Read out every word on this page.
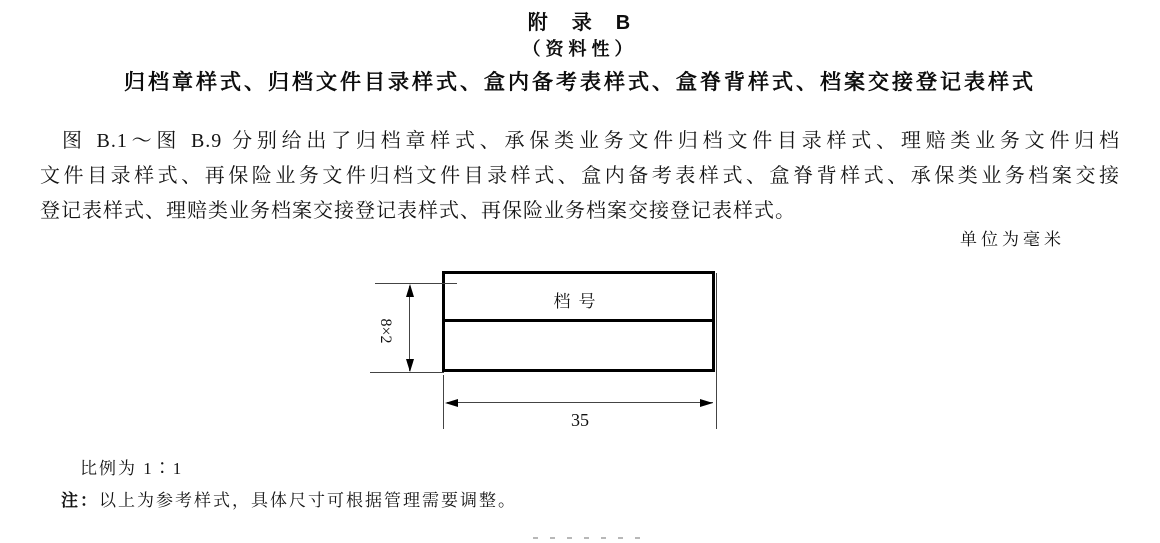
附　录　B
（资料性）
归档章样式、归档文件目录样式、盒内备考表样式、盒脊背样式、档案交接登记表样式
图 B.1～图 B.9 分别给出了归档章样式、承保类业务文件归档文件目录样式、理赔类业务文件归档
文件目录样式、再保险业务文件归档文件目录样式、盒内备考表样式、盒脊背样式、承保类业务档案交接
登记表样式、理赔类业务档案交接登记表样式、再保险业务档案交接登记表样式。
单位为毫米
档号
8×2
35
比例为 1∶1
注：以上为参考样式，具体尺寸可根据管理需要调整。
